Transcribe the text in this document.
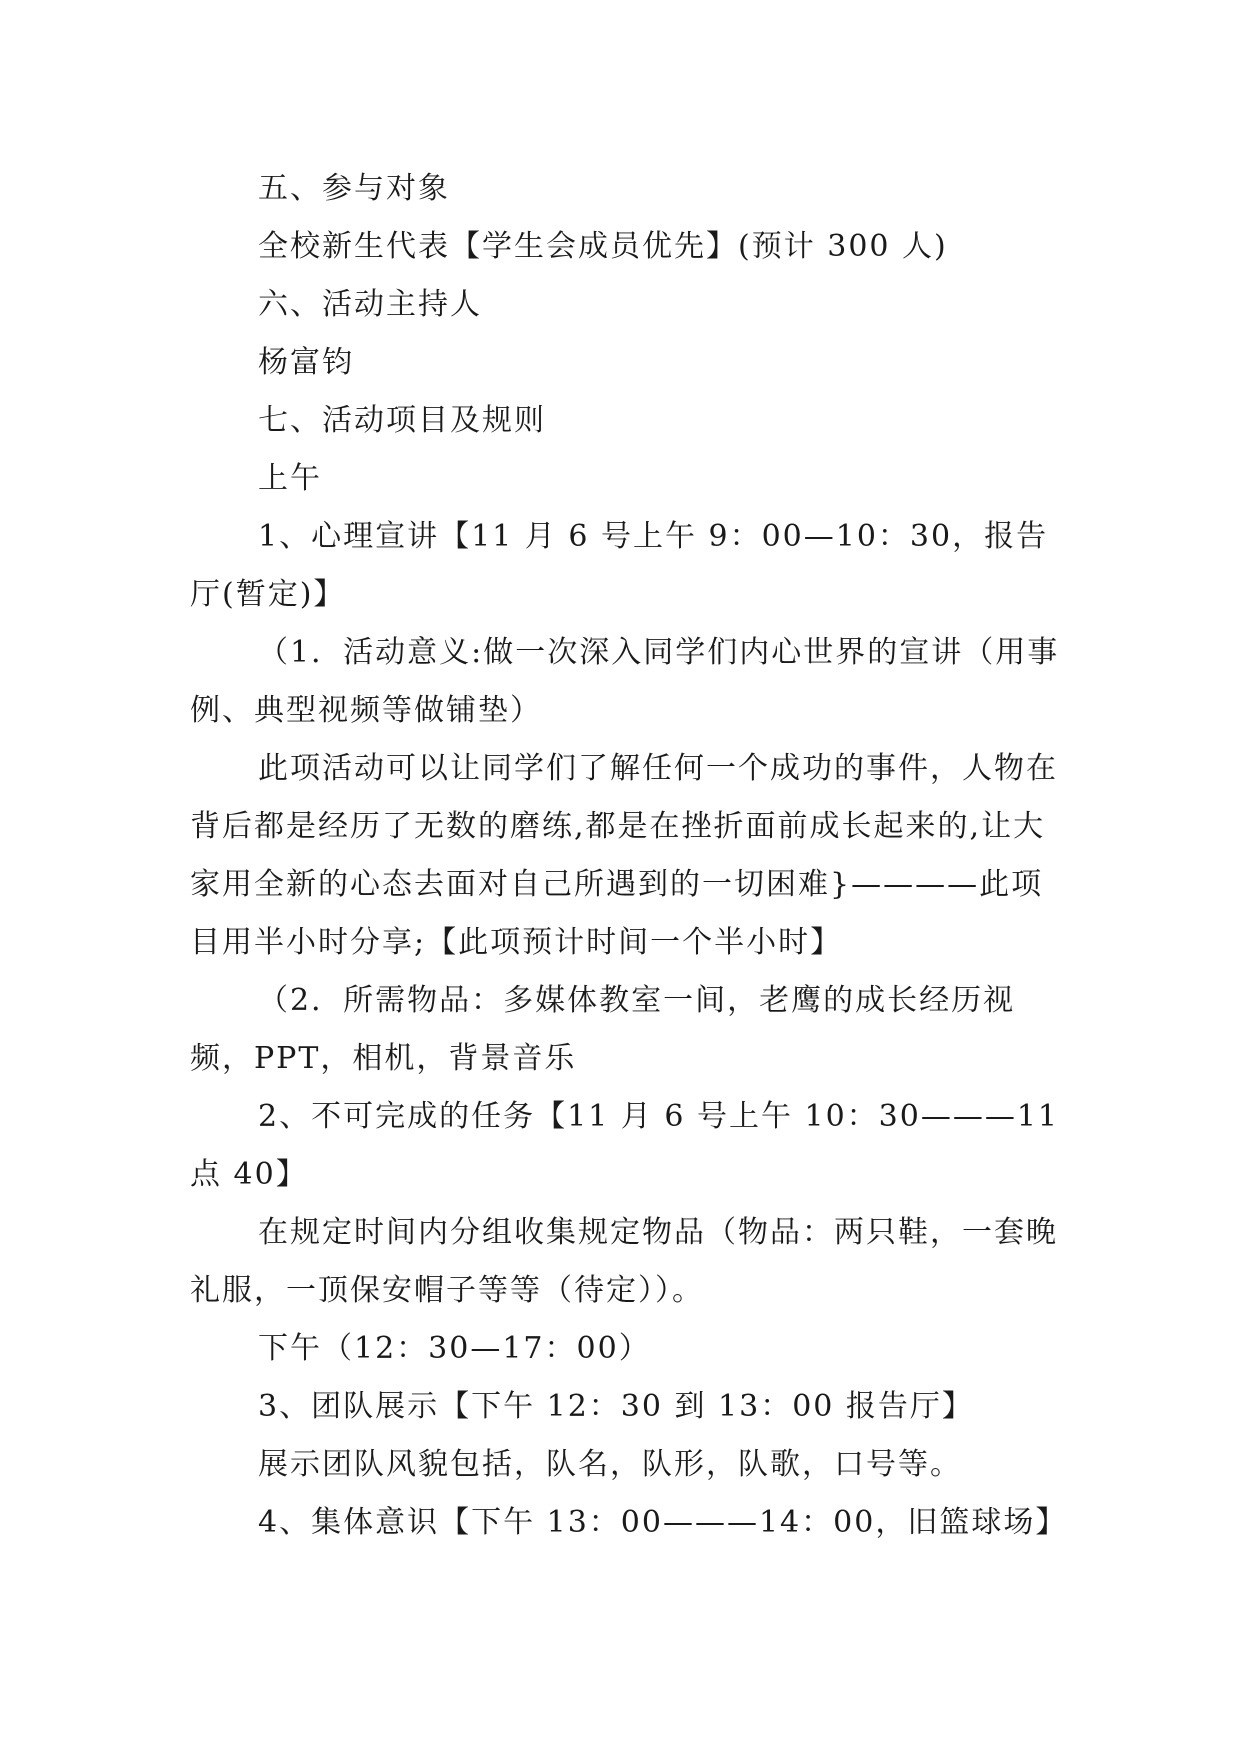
五、参与对象

全校新生代表【学生会成员优先】(预计 300 人)

六、活动主持人

杨富钧

七、活动项目及规则

上午

1、心理宣讲【11 月 6 号上午 9：00—10：30，报告厅(暂定)】

（1．活动意义:做一次深入同学们内心世界的宣讲（用事例、典型视频等做铺垫）

此项活动可以让同学们了解任何一个成功的事件，人物在背后都是经历了无数的磨练,都是在挫折面前成长起来的,让大家用全新的心态去面对自己所遇到的一切困难}————此项目用半小时分享;【此项预计时间一个半小时】

（2．所需物品：多媒体教室一间，老鹰的成长经历视频，PPT，相机，背景音乐

2、不可完成的任务【11 月 6 号上午 10：30———11点 40】

在规定时间内分组收集规定物品（物品：两只鞋，一套晚礼服，一顶保安帽子等等（待定））。

下午（12：30—17：00）

3、团队展示【下午 12：30 到 13：00 报告厅】

展示团队风貌包括，队名，队形，队歌，口号等。

4、集体意识【下午 13：00———14：00，旧篮球场】
